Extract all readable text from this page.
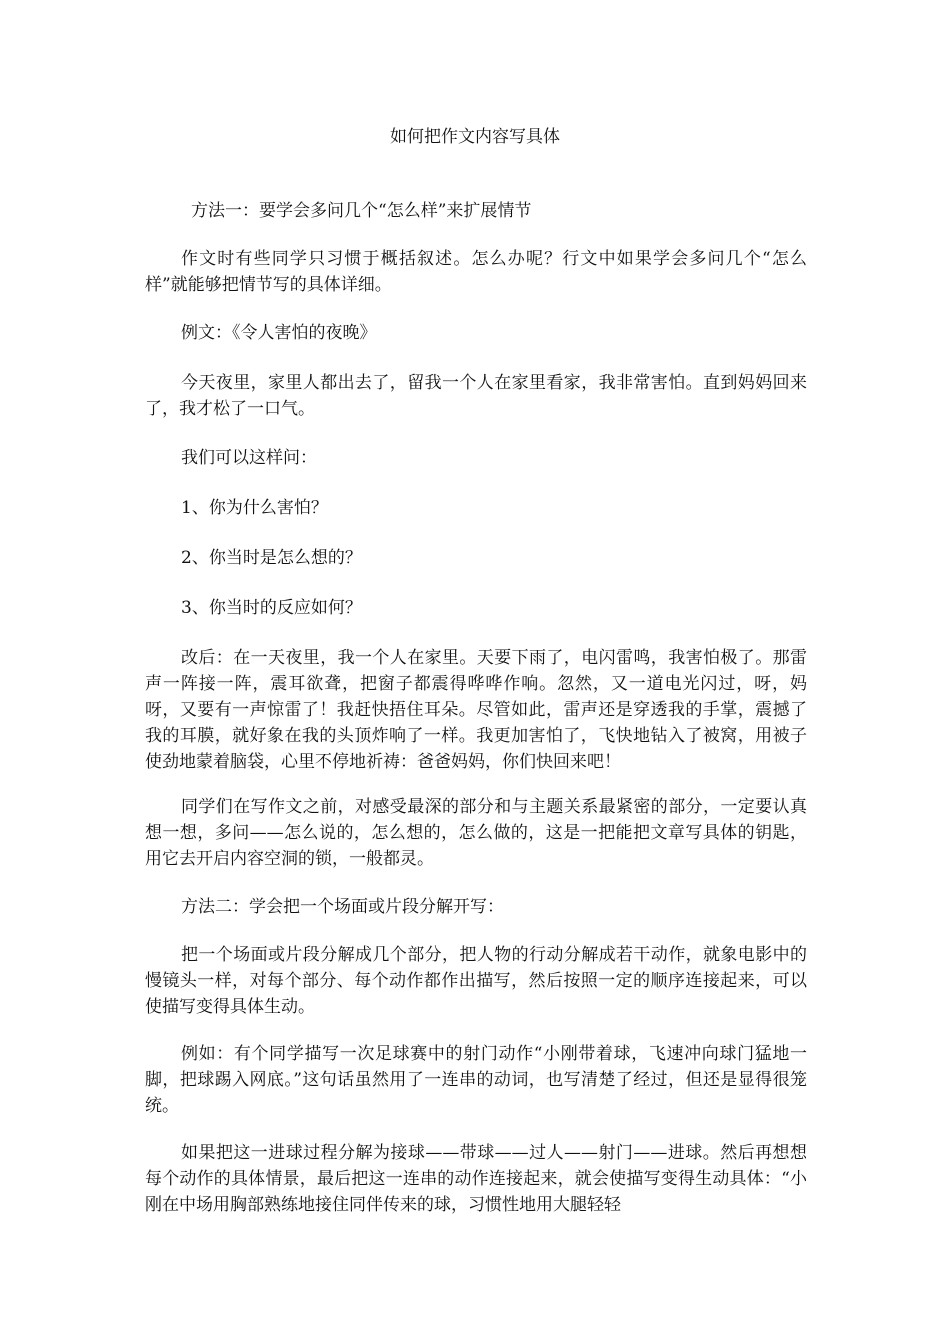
如何把作文内容写具体

方法一：要学会多问几个“怎么样”来扩展情节

作文时有些同学只习惯于概括叙述。怎么办呢？行文中如果学会多问几个“怎么样”就能够把情节写的具体详细。

例文：《令人害怕的夜晚》

今天夜里，家里人都出去了，留我一个人在家里看家，我非常害怕。直到妈妈回来了，我才松了一口气。

我们可以这样问：

1、你为什么害怕？

2、你当时是怎么想的？

3、你当时的反应如何？

改后：在一天夜里，我一个人在家里。天要下雨了，电闪雷鸣，我害怕极了。那雷声一阵接一阵，震耳欲聋，把窗子都震得哗哗作响。忽然，又一道电光闪过，呀，妈呀，又要有一声惊雷了！我赶快捂住耳朵。尽管如此，雷声还是穿透我的手掌，震撼了我的耳膜，就好象在我的头顶炸响了一样。我更加害怕了，飞快地钻入了被窝，用被子使劲地蒙着脑袋，心里不停地祈祷：爸爸妈妈，你们快回来吧！

同学们在写作文之前，对感受最深的部分和与主题关系最紧密的部分，一定要认真想一想，多问——怎么说的，怎么想的，怎么做的，这是一把能把文章写具体的钥匙，用它去开启内容空洞的锁，一般都灵。

方法二：学会把一个场面或片段分解开写：

把一个场面或片段分解成几个部分，把人物的行动分解成若干动作，就象电影中的慢镜头一样，对每个部分、每个动作都作出描写，然后按照一定的顺序连接起来，可以使描写变得具体生动。

例如：有个同学描写一次足球赛中的射门动作“小刚带着球，飞速冲向球门猛地一脚，把球踢入网底。”这句话虽然用了一连串的动词，也写清楚了经过，但还是显得很笼统。

如果把这一进球过程分解为接球——带球——过人——射门——进球。然后再想想每个动作的具体情景，最后把这一连串的动作连接起来，就会使描写变得生动具体：“小刚在中场用胸部熟练地接住同伴传来的球，习惯性地用大腿轻轻
